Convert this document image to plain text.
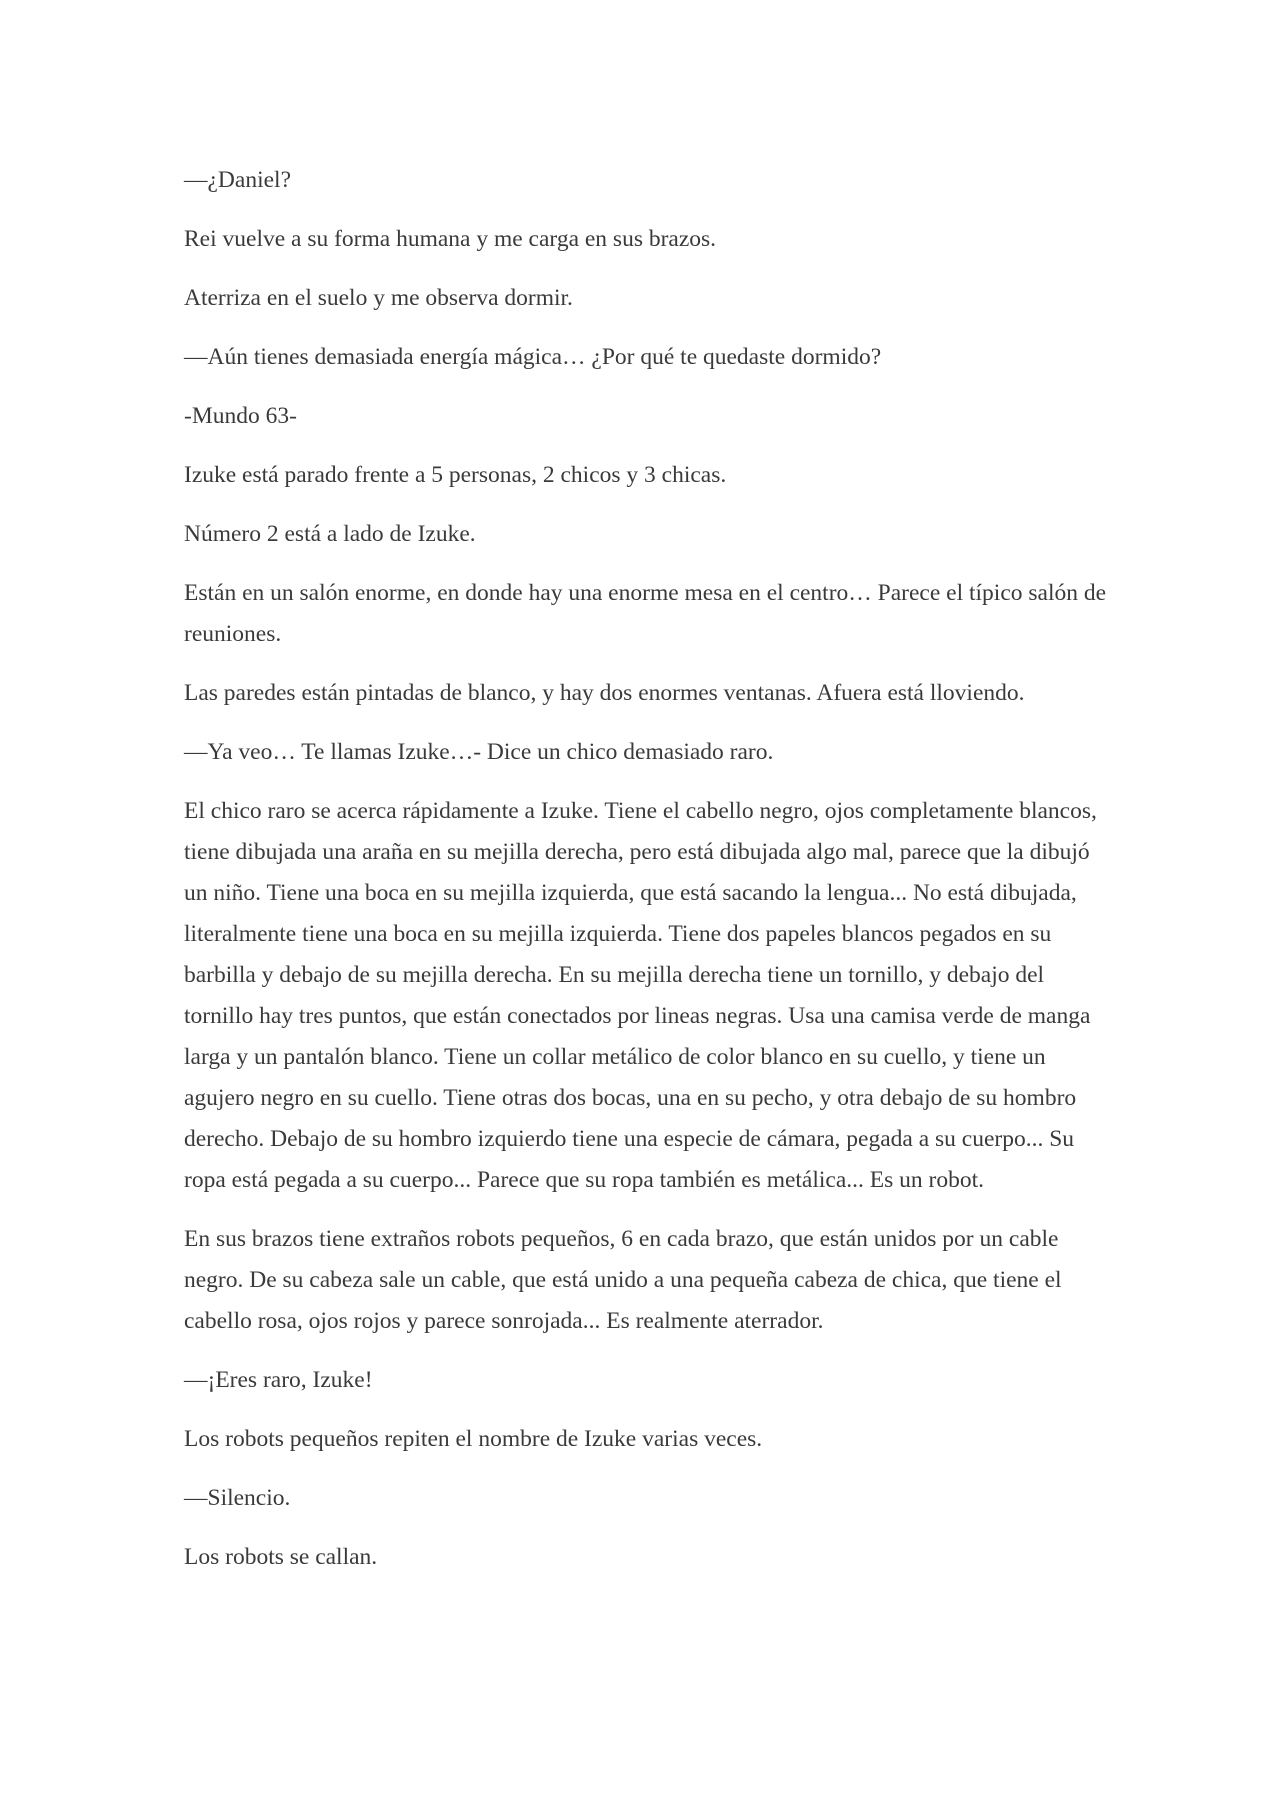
—¿Daniel?

Rei vuelve a su forma humana y me carga en sus brazos.

Aterriza en el suelo y me observa dormir.

—Aún tienes demasiada energía mágica… ¿Por qué te quedaste dormido?

-Mundo 63-

Izuke está parado frente a 5 personas, 2 chicos y 3 chicas.

Número 2 está a lado de Izuke.

Están en un salón enorme, en donde hay una enorme mesa en el centro… Parece el típico salón de reuniones.

Las paredes están pintadas de blanco, y hay dos enormes ventanas. Afuera está lloviendo.

—Ya veo… Te llamas Izuke…- Dice un chico demasiado raro.

El chico raro se acerca rápidamente a Izuke. Tiene el cabello negro, ojos completamente blancos, tiene dibujada una araña en su mejilla derecha, pero está dibujada algo mal, parece que la dibujó un niño. Tiene una boca en su mejilla izquierda, que está sacando la lengua... No está dibujada, literalmente tiene una boca en su mejilla izquierda. Tiene dos papeles blancos pegados en su barbilla y debajo de su mejilla derecha. En su mejilla derecha tiene un tornillo, y debajo del tornillo hay tres puntos, que están conectados por lineas negras. Usa una camisa verde de manga larga y un pantalón blanco. Tiene un collar metálico de color blanco en su cuello, y tiene un agujero negro en su cuello. Tiene otras dos bocas, una en su pecho, y otra debajo de su hombro derecho. Debajo de su hombro izquierdo tiene una especie de cámara, pegada a su cuerpo... Su ropa está pegada a su cuerpo... Parece que su ropa también es metálica... Es un robot.

En sus brazos tiene extraños robots pequeños, 6 en cada brazo, que están unidos por un cable negro. De su cabeza sale un cable, que está unido a una pequeña cabeza de chica, que tiene el cabello rosa, ojos rojos y parece sonrojada... Es realmente aterrador.

—¡Eres raro, Izuke!

Los robots pequeños repiten el nombre de Izuke varias veces.

—Silencio.

Los robots se callan.
